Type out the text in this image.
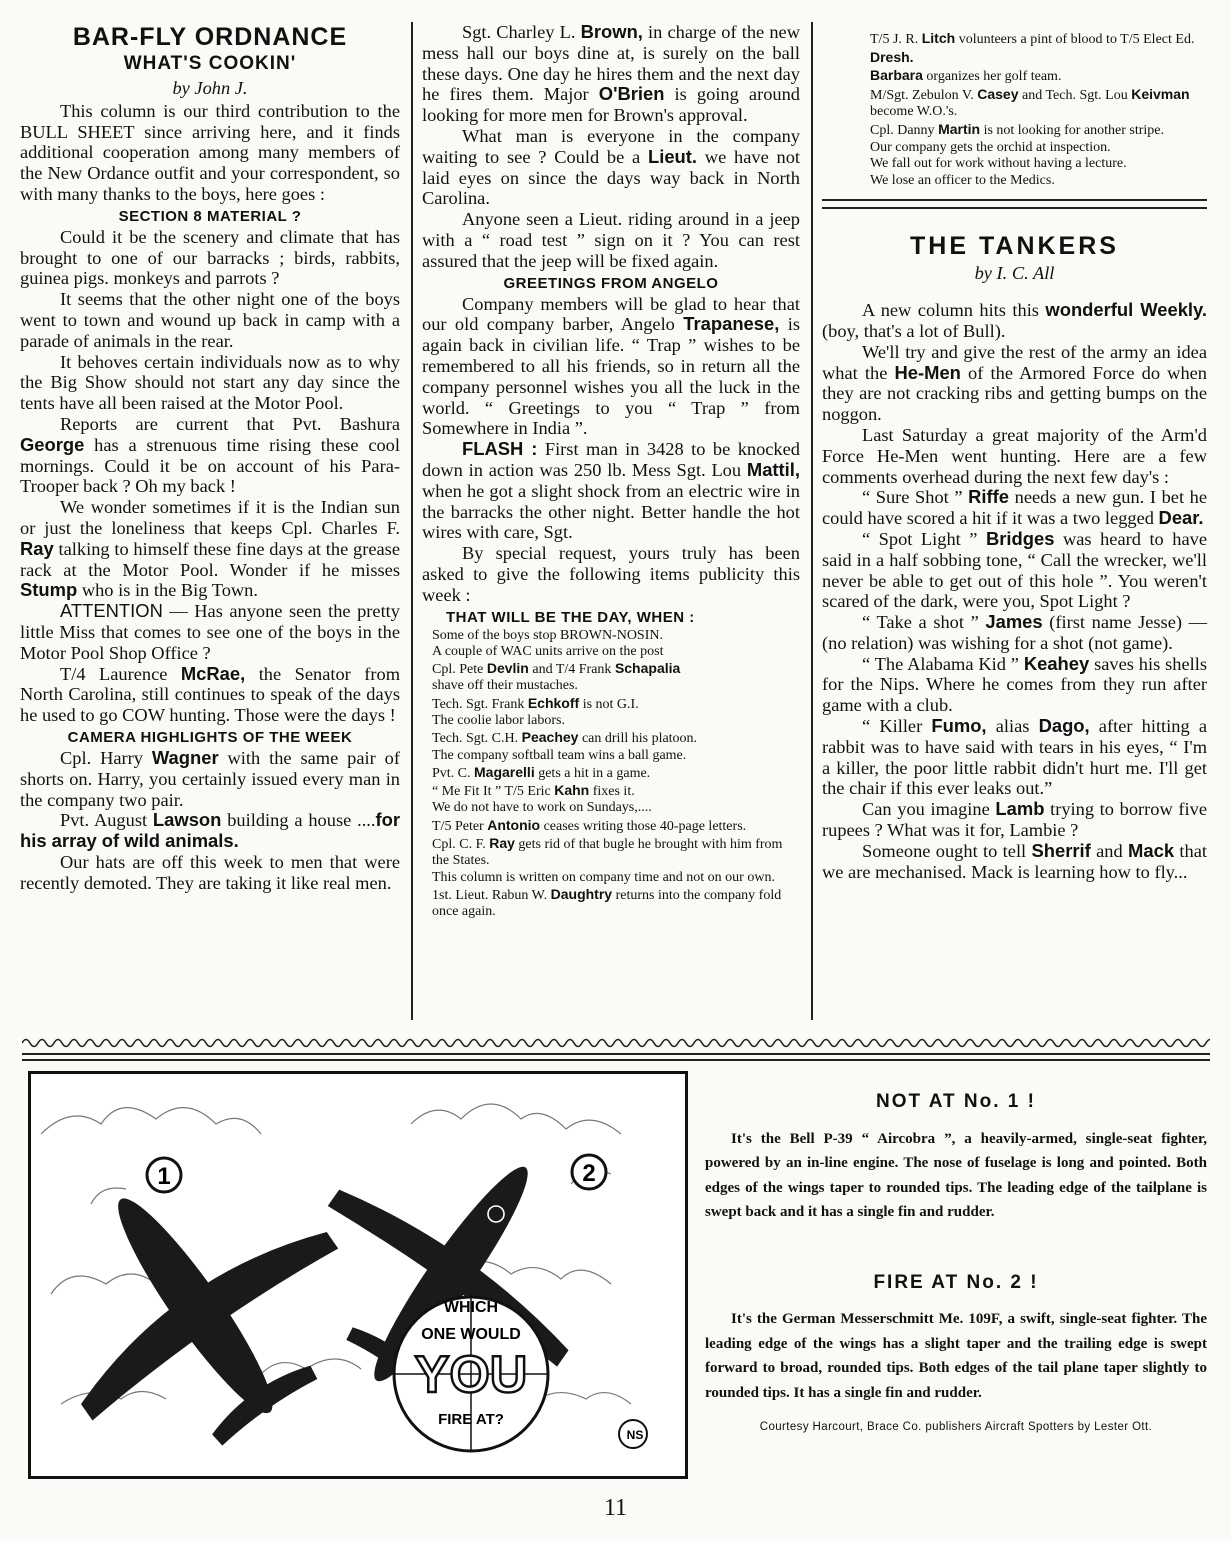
BAR-FLY ORDNANCE
WHAT'S COOKIN'
by John J.

This column is our third contribution to the BULL SHEET since arriving here, and it finds additional cooperation among many members of the New Ordance outfit and your correspondent, so with many thanks to the boys, here goes :

SECTION 8 MATERIAL ?

Could it be the scenery and climate that has brought to one of our barracks ; birds, rabbits, guinea pigs. monkeys and parrots ?

It seems that the other night one of the boys went to town and wound up back in camp with a parade of animals in the rear.

It behoves certain individuals now as to why the Big Show should not start any day since the tents have all been raised at the Motor Pool.

Reports are current that Pvt. Bashura George has a strenuous time rising these cool mornings. Could it be on account of his Para-Trooper back ? Oh my back !

We wonder sometimes if it is the Indian sun or just the loneliness that keeps Cpl. Charles F. Ray talking to himself these fine days at the grease rack at the Motor Pool. Wonder if he misses Stump who is in the Big Town.

ATTENTION — Has anyone seen the pretty little Miss that comes to see one of the boys in the Motor Pool Shop Office ?

T/4 Laurence McRae, the Senator from North Carolina, still continues to speak of the days he used to go COW hunting. Those were the days !

CAMERA HIGHLIGHTS OF THE WEEK

Cpl. Harry Wagner with the same pair of shorts on. Harry, you certainly issued every man in the company two pair.

Pvt. August Lawson building a house ....for his array of wild animals.

Our hats are off this week to men that were recently demoted. They are taking it like real men.

Sgt. Charley L. Brown, in charge of the new mess hall our boys dine at, is surely on the ball these days. One day he hires them and the next day he fires them. Major O'Brien is going around looking for more men for Brown's approval.

What man is everyone in the company waiting to see ? Could be a Lieut. we have not laid eyes on since the days way back in North Carolina.

Anyone seen a Lieut. riding around in a jeep with a “ road test ” sign on it ? You can rest assured that the jeep will be fixed again.

GREETINGS FROM ANGELO

Company members will be glad to hear that our old company barber, Angelo Trapanese, is again back in civilian life. “ Trap ” wishes to be remembered to all his friends, so in return all the company personnel wishes you all the luck in the world. “ Greetings to you “ Trap ” from Somewhere in India ”.

FLASH : First man in 3428 to be knocked down in action was 250 lb. Mess Sgt. Lou Mattil, when he got a slight shock from an electric wire in the barracks the other night. Better handle the hot wires with care, Sgt.

By special request, yours truly has been asked to give the following items publicity this week :

THAT WILL BE THE DAY, WHEN :
Some of the boys stop BROWN-NOSIN.
A couple of WAC units arrive on the post
Cpl. Pete Devlin and T/4 Frank Schapalia
shave off their mustaches.
Tech. Sgt. Frank Echkoff is not G.I.
The coolie labor labors.
Tech. Sgt. C.H. Peachey can drill his platoon.
The company softball team wins a ball game.
Pvt. C. Magarelli gets a hit in a game.
“ Me Fit It ” T/5 Eric Kahn fixes it.
We do not have to work on Sundays,....
T/5 Peter Antonio ceases writing those 40-page letters.
Cpl. C. F. Ray gets rid of that bugle he brought with him from the States.
This column is written on company time and not on our own.
1st. Lieut. Rabun W. Daughtry returns into the company fold once again.
T/5 J. R. Litch volunteers a pint of blood to T/5 Elect Ed. Dresh.
Barbara organizes her golf team.
M/Sgt. Zebulon V. Casey and Tech. Sgt. Lou Keivman become W.O.'s.
Cpl. Danny Martin is not looking for another stripe.
Our company gets the orchid at inspection.
We fall out for work without having a lecture.
We lose an officer to the Medics.
THE TANKERS
by I. C. All

A new column hits this wonderful Weekly. (boy, that's a lot of Bull).

We'll try and give the rest of the army an idea what the He-Men of the Armored Force do when they are not cracking ribs and getting bumps on the noggon.

Last Saturday a great majority of the Arm'd Force He-Men went hunting. Here are a few comments overhead during the next few day's :

“ Sure Shot ” Riffe needs a new gun. I bet he could have scored a hit if it was a two legged Dear.

“ Spot Light ” Bridges was heard to have said in a half sobbing tone, “ Call the wrecker, we'll never be able to get out of this hole ”. You weren't scared of the dark, were you, Spot Light ?

“ Take a shot ” James (first name Jesse) — (no relation) was wishing for a shot (not game).

“ The Alabama Kid ” Keahey saves his shells for the Nips. Where he comes from they run after game with a club.

“ Killer Fumo, alias Dago, after hitting a rabbit was to have said with tears in his eyes, “ I'm a killer, the poor little rabbit didn't hurt me. I'll get the chair if this ever leaks out.”

Can you imagine Lamb trying to borrow five rupees ? What was it for, Lambie ?

Someone ought to tell Sherrif and Mack that we are mechanised. Mack is learning how to fly...

1	2
WHICH
ONE WOULD
YOU
FIRE AT?
NS
NOT AT No. 1 !

It's the Bell P-39 “ Aircobra ”, a heavily-armed, single-seat fighter, powered by an in-line engine. The nose of fuselage is long and pointed. Both edges of the wings taper to rounded tips. The leading edge of the tailplane is swept back and it has a single fin and rudder.

FIRE AT No. 2 !

It's the German Messerschmitt Me. 109F, a swift, single-seat fighter. The leading edge of the wings has a slight taper and the trailing edge is swept forward to broad, rounded tips. Both edges of the tail plane taper slightly to rounded tips. It has a single fin and rudder.

Courtesy Harcourt, Brace Co. publishers Aircraft Spotters by Lester Ott.
11
